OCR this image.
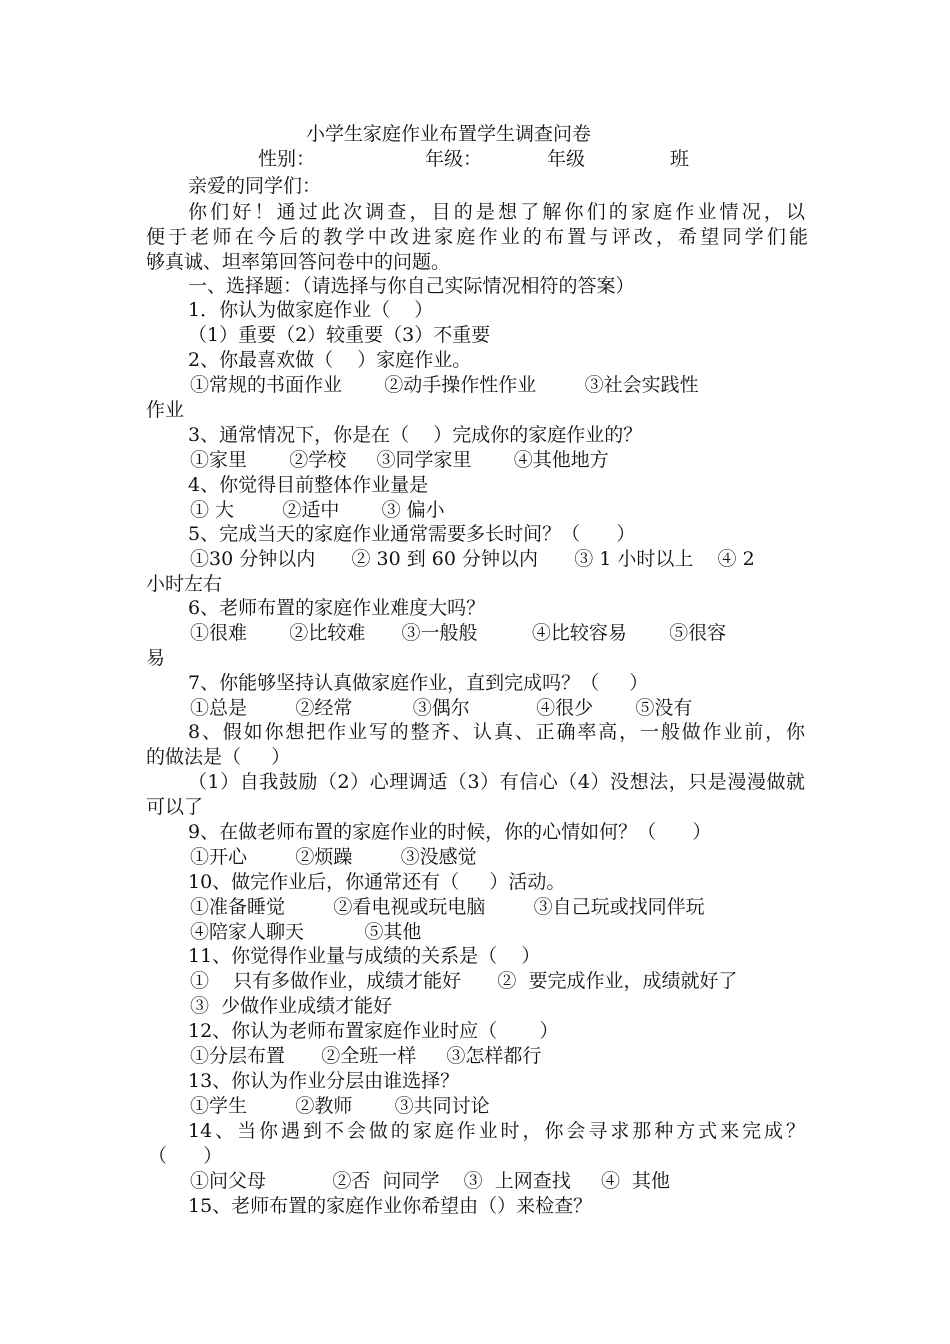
小学生家庭作业布置学生调查问卷

性别：

	年级：

	年级

	班

亲爱的同学们：

你们好！通过此次调查，目的是想了解你们的家庭作业情况，以

便于老师在今后的教学中改进家庭作业的布置与评改，希望同学们能

够真诚、坦率第回答问卷中的问题。

一、选择题：（请选择与你自己实际情况相符的答案）

1．你认为做家庭作业（    ）

（1）重要（2）较重要（3）不重要

2、你最喜欢做（    ）家庭作业。

①常规的书面作业       ②动手操作性作业        ③社会实践性

作业

3、通常情况下，你是在（    ）完成你的家庭作业的？

①家里       ②学校     ③同学家里       ④其他地方

4、你觉得目前整体作业量是

① 大        ②适中       ③ 偏小

5、完成当天的家庭作业通常需要多长时间？（      ）

①30 分钟以内      ② 30 到 60 分钟以内      ③ 1 小时以上    ④ 2

小时左右

6、老师布置的家庭作业难度大吗？

①很难       ②比较难      ③一般般         ④比较容易       ⑤很容

易

7、你能够坚持认真做家庭作业，直到完成吗？（     ）

①总是        ②经常          ③偶尔           ④很少       ⑤没有

8、假如你想把作业写的整齐、认真、正确率高，一般做作业前，你

的做法是（     ）

（1）自我鼓励（2）心理调适（3）有信心（4）没想法，只是漫漫做就

可以了

9、在做老师布置的家庭作业的时候，你的心情如何？（      ）

①开心        ②烦躁        ③没感觉

10、做完作业后，你通常还有（     ）活动。

①准备睡觉        ②看电视或玩电脑        ③自己玩或找同伴玩

④陪家人聊天          ⑤其他

11、你觉得作业量与成绩的关系是（    ）

①    只有多做作业，成绩才能好      ②  要完成作业，成绩就好了

③  少做作业成绩才能好

12、你认为老师布置家庭作业时应（       ）

①分层布置      ②全班一样     ③怎样都行

13、你认为作业分层由谁选择？

①学生        ②教师       ③共同讨论

14、当你遇到不会做的家庭作业时，你会寻求那种方式来完成？

（      ）

①问父母           ②否  问同学    ③  上网查找     ④  其他

15、老师布置的家庭作业你希望由（）来检查？
